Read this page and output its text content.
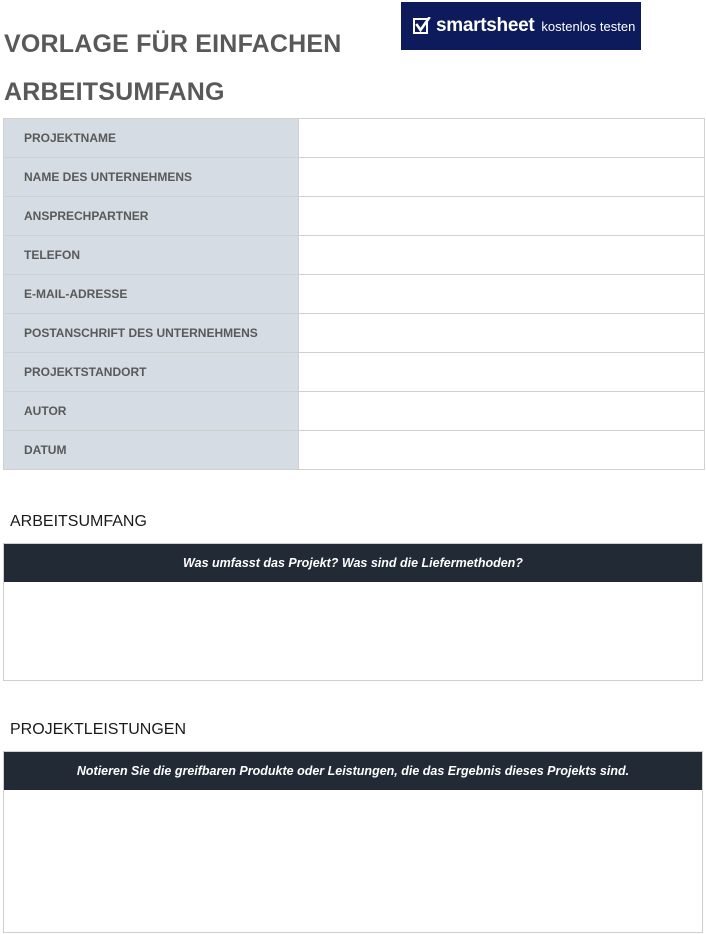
VORLAGE FÜR EINFACHEN ARBEITSUMFANG
smartsheet kostenlos testen
PROJEKTNAME	
NAME DES UNTERNEHMENS	
ANSPRECHPARTNER	
TELEFON	
E-MAIL-ADRESSE	
POSTANSCHRIFT DES UNTERNEHMENS	
PROJEKTSTANDORT	
AUTOR	
DATUM	
ARBEITSUMFANG
Was umfasst das Projekt? Was sind die Liefermethoden?
PROJEKTLEISTUNGEN
Notieren Sie die greifbaren Produkte oder Leistungen, die das Ergebnis dieses Projekts sind.
